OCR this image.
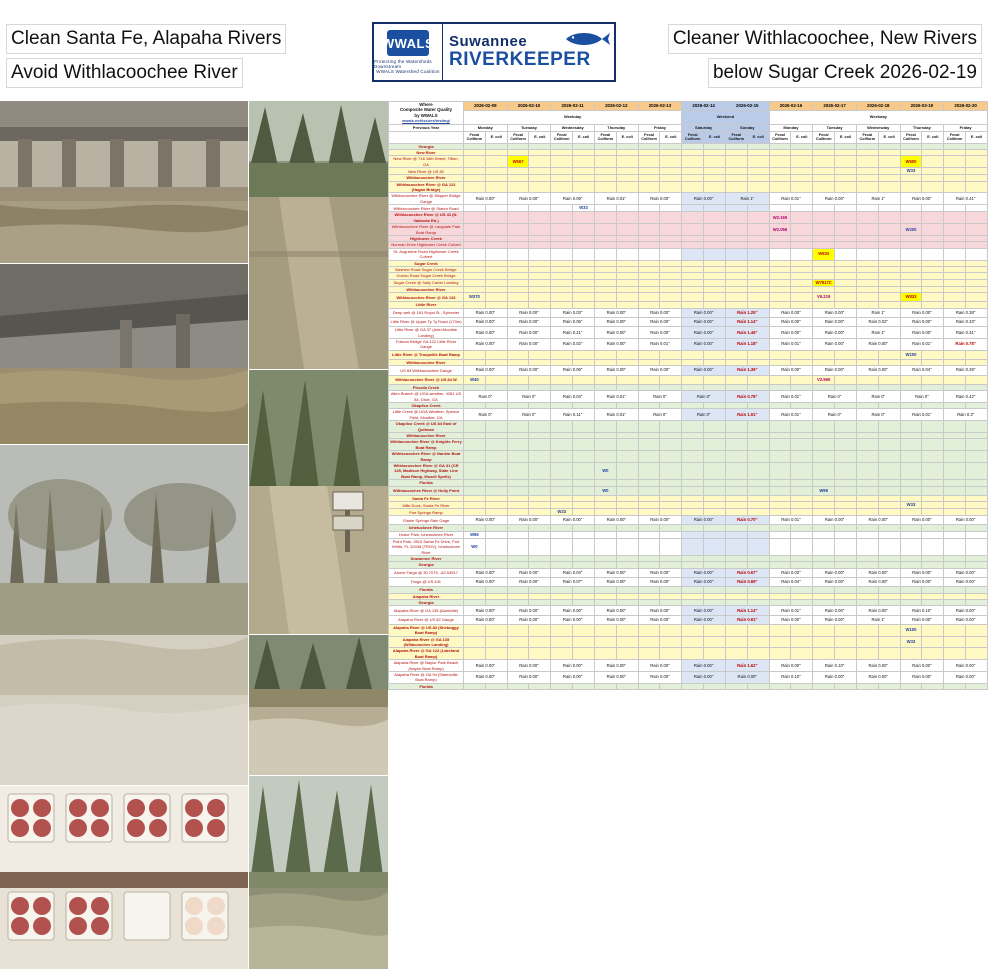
Clean Santa Fe, Alapaha Rivers
Avoid Withlacoochee River
Cleaner Withlacoochee, New Rivers
below Sugar Creek 2026-02-19
WWALS
Protecting the Watersheds Downstream
WWALS Watershed Coalition
Suwannee
RIVERKEEPER
Where
Composite Water Quality
by WWALS
wwals.net/issues/testing/	2026-02-09		2026-02-10		2026-02-11		2026-02-12		2026-02-13		2026-02-14		2026-02-15		2026-02-16		2026-02-17		2026-02-18		2026-02-19		2026-02-20	
	Weekday										Weekend				Weekday									
Previous Year	Monday		Tuesday		Wednesday		Thursday		Friday		Saturday		Sunday		Monday		Tuesday		Wednesday		Thursday		Friday	
	Fecal Coliform	E. coli	Fecal Coliform	E. coli	Fecal Coliform	E. coli	Fecal Coliform	E. coli	Fecal Coliform	E. coli	Fecal Coliform	E. coli	Fecal Coliform	E. coli	Fecal Coliform	E. coli	Fecal Coliform	E. coli	Fecal Coliform	E. coli	Fecal Coliform	E. coli	Fecal Coliform	E. coli
Georgia																								
New River																								
New River @ 716 18th Street, Tifton, GA			W567																		W500			
New River @ US 82																					W33			
Withlacoochee River																								
Withlacoochee River @ GA 122 (Hagan Bridge)																								
Withlacoochee River @ Skipper Bridge Gauge	Rain 0.00"		Rain 0.00"		Rain 0.09"		Rain 0.01"		Rain 0.00"		Rain 0.00"		Rain 1"		Rain 0.01"		Rain 0.00"		Rain 1"		Rain 0.00"		Rain 0.41"	
Withlacoochee River @ Staten Road						W33																		
Withlacoochee River @ US 41 (N. Valdosta Rd.)															W2.165									
Withlacoochee River @ Langdale Park Boat Ramp															W2.056						W200			
Hightower Creek																								
Norman Drive Hightower Creek Culvert																								
St. Augustine Road Hightower Creek Culvert																	W933							
Sugar Creek																								
Bashew Road Sugar Creek Bridge																								
Gornto Road Sugar Creek Bridge																								
Sugar Creek @ Sally Carter Landing																	W7917C							
Withlacoochee River																								
Withlacoochee River @ GA 133	W370																V9.219				W833			
Little River																								
Deep well @ 161 Royal St., Sylvester	Rain 0.00"		Rain 0.00"		Rain 0.03"		Rain 0.00"		Rain 0.00"		Rain 0.00"		Rain 1.25"		Rain 0.00"		Rain 0.00"		Rain 1"		Rain 0.00"		Rain 0.38"	
Little River @ Upper Ty Ty Road (170m)	Rain 0.00"		Rain 0.00"		Rain 0.05"		Rain 0.00"		Rain 0.00"		Rain 0.00"		Rain 1.14"		Rain 0.00"		Rain 0.00"		Rain 0.02"		Rain 0.00"		Rain 0.33"	
Little River @ GA 37 (Adel-Moultrie Landing)	Rain 0.00"		Rain 0.00"		Rain 0.21"		Rain 0.00"		Rain 0.00"		Rain 0.00"		Rain 1.46"		Rain 0.00"		Rain 0.00"		Rain 1"		Rain 0.00"		Rain 0.31"	
Folsom Bridge GA 122 Little River Gauge	Rain 0.00"		Rain 0.00"		Rain 0.02"		Rain 0.00"		Rain 0.01"		Rain 0.00"		Rain 1.18"		Rain 0.01"		Rain 0.00"		Rain 0.00"		Rain 0.01"		Rain 0.78"	
Little River @ Troupville Boat Ramp																					W100			
Withlacoochee River																								
US 84 Withlacoochee Gauge	Rain 0.00"		Rain 0.00"		Rain 0.06"		Rain 0.00"		Rain 0.00"		Rain 0.00"		Rain 1.36"		Rain 0.00"		Rain 0.00"		Rain 0.00"		Rain 0.04"		Rain 0.39"	
Withlacoochee River @ US 84 W	W40																V2.965							
Piscola Creek																								
Allen Branch @ UGA weather, 4281 US 84, Dixie, GA	Rain 0"		Rain 0"		Rain 0.04"		Rain 0.01"		Rain 0"		Rain 0"		Rain 0.78"		Rain 0.01"		Rain 0"		Rain 0"		Rain 0"		Rain 0.42"	
Okapilco Creek																								
Little Creek @ UGA Weather, Spence Field, Moultrie, GA	Rain 0"		Rain 0"		Rain 0.11"		Rain 0.01"		Rain 0"		Rain 0"		Rain 1.91"		Rain 0.01"		Rain 0"		Rain 0"		Rain 0.01"		Rain 0.3"	
Okapilco Creek @ US 84 East of Quitman																								
Withlacoochee River																								
Withlacoochee River @ Knights Ferry Boat Ramp																								
Withlacoochee River @ Nankin Boat Ramp																								
Withlacoochee River @ GA 31 (CR 145, Madison Highway, State Line Boat Ramp, Mozell Spells)							W0																	
Florida																								
Withlacoochee River @ Holly Point							W0										W99							
Santa Fe River																								
Mills Dock, Santa Fe River																					W33			
Poe Springs Ramp					W33																			
Ginnie Springs Rain Gage	Rain 0.00"		Rain 0.00"		Rain 0.00"		Rain 0.00"		Rain 0.00"		Rain 0.00"		Rain 0.70"		Rain 0.01"		Rain 0.00"		Rain 0.00"		Rain 0.00"		Rain 0.00"	
Ichetucknee River																								
Hodor Park, Ichetucknee River	W66																							
Point Park, 2810 Santa Fe Drive, Fort White, FL 32038 (TROV), Ichetucknee River	W0																							
Suwannee River																								
Georgia																								
Above Fargo @ 30.7075, -82.53917	Rain 0.00"		Rain 0.00"		Rain 0.04"		Rain 0.00"		Rain 0.00"		Rain 0.00"		Rain 0.67"		Rain 0.03"		Rain 0.00"		Rain 0.00"		Rain 0.00"		Rain 0.00"	
Fargo @ US 441	Rain 0.00"		Rain 0.00"		Rain 0.07"		Rain 0.00"		Rain 0.00"		Rain 0.00"		Rain 0.69"		Rain 0.04"		Rain 0.00"		Rain 0.00"		Rain 0.00"		Rain 0.00"	
Florida																								
Alapaha River																								
Georgia																								
Alapaha River @ GA 135 (Alamville)	Rain 0.00"		Rain 0.00"		Rain 0.00"		Rain 0.00"		Rain 0.00"		Rain 0.00"		Rain 1.14"		Rain 0.01"		Rain 0.00"		Rain 0.00"		Rain 0.10"		Rain 0.00"	
Alapaha River @ US 82 Gauge	Rain 0.00"		Rain 0.00"		Rain 0.00"		Rain 0.00"		Rain 0.00"		Rain 0.00"		Rain 0.91"		Rain 0.00"		Rain 0.00"		Rain 1"		Rain 0.00"		Rain 0.00"	
Alapaha River @ US 82 (Sheboggy Boat Ramp)																					W100			
Alapaha River @ GA 135 (Willacoochee Landing)																					W33			
Alapaha River @ GA 122 (Lakeland Boat Ramp)																								
Alapaha River @ Naylor Park Beach (Naylor Boat Ramp)	Rain 0.00"		Rain 0.00"		Rain 0.00"		Rain 0.00"		Rain 0.00"		Rain 0.00"		Rain 1.62"		Rain 0.00"		Rain 0.10"		Rain 0.00"		Rain 0.00"		Rain 0.00"	
Alapaha River @ GA 94 (Statenville Boat Ramp)	Rain 0.00"		Rain 0.00"		Rain 0.00"		Rain 0.00"		Rain 0.00"		Rain 0.00"		Rain 0.00"		Rain 0.10"		Rain 0.00"		Rain 0.00"		Rain 0.00"		Rain 0.00"	
Florida																								
